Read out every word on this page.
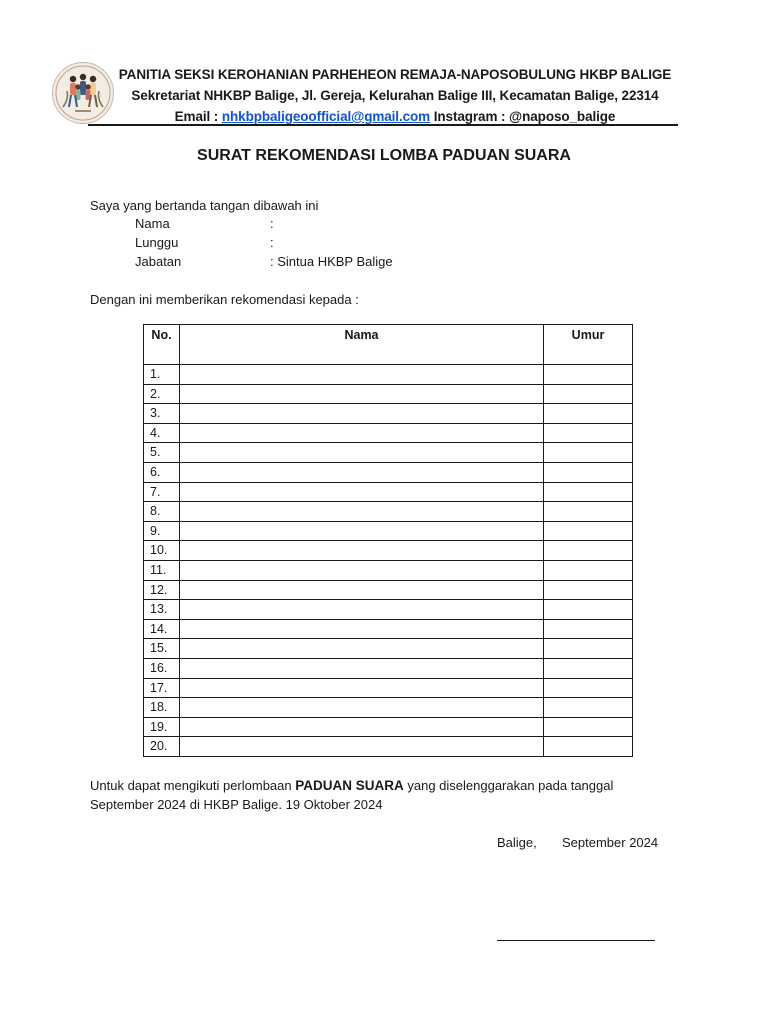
PANITIA SEKSI KEROHANIAN PARHEHEON REMAJA-NAPOSOBULUNG HKBP BALIGE
Sekretariat NHKBP Balige, Jl. Gereja, Kelurahan Balige III, Kecamatan Balige, 22314
Email : nhkbpbaligeoofficial@gmail.com Instagram : @naposo_balige
SURAT REKOMENDASI LOMBA PADUAN SUARA
Saya yang bertanda tangan dibawah ini
Nama	:
Lunggu	:
Jabatan	: Sintua HKBP Balige
Dengan ini memberikan rekomendasi kepada :
No.	Nama	Umur
1.		
2.		
3.		
4.		
5.		
6.		
7.		
8.		
9.		
10.		
11.		
12.		
13.		
14.		
15.		
16.		
17.		
18.		
19.		
20.		
Untuk dapat mengikuti perlombaan PADUAN SUARA yang diselenggarakan pada tanggal
September 2024 di HKBP Balige. 19 Oktober 2024
Balige, September 2024
